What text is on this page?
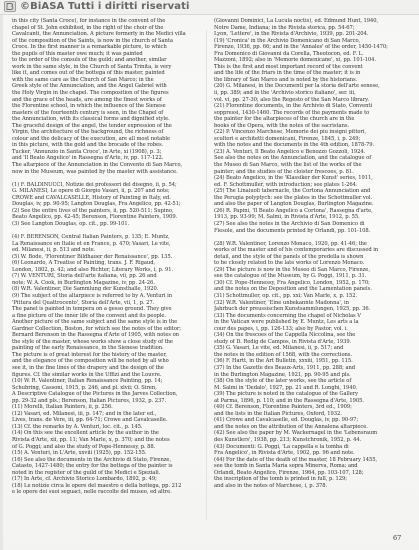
©BiASA Tutti i diritti riservati
in this city (Santa Croce), for instance in the convent of the
chapel of St. John exhibited, in the right of the choir of the
Cavalcanti, the Annunciation. A picture formerly in the Medici villa
of the composition of the Saints, is now in the church of Santa
Croce. In the first manner is a remarkable picture, to which
the pupils of this master owe much; it was painted
to the order of the consuls of the guild; and another, similar
work in the same style, in the Church of Santa Trinita, is very
like it, and comes out of the bottega of this master, painted
with the same care as the Church of San Marco; in the
Greek style of the Annunciation, and the Angel Gabriel with
the Holy Virgin in the chapel. The composition of the figures
and the grace of the heads, are among the finest works of
the Florentine school, in which the influence of the Sienese
masters of the fourteenth century is seen, in the Chapel of
the Annunciation, with its classical forms and dignified style.
The graceful design of the angel, the tender expression of the
Virgin, the architecture of the background, the richness of
colour and the delicacy of the execution, are all most notable
in this picture, with the gold and the brocade of the robes.
Tucker, 'Annunzio in Santa Croce', in Arte, xi (1908), p. 3;
and 'Il Beato Angelico' in Rassegna d'Arte, iv, pp. 117-122.
The altarpiece of the Annunciation in the Convento di San Marco,
now in the Museum, was painted by the master with assistance.
(1) F. BALDINUCCI, Notizie dei professori del disegno, ii, p. 54;
G. MILANESI, Le opere di Giorgio Vasari, ii, p. 207 and note;
CROWE and CAVALCASELLE, History of Painting in Italy, ed.
Douglas, iv, pp. 90-95; Langton Douglas, Fra Angelico, pp. 42-51;
(2) See the entire lives of the painters, ii, pp. 520-511; Supino,
Beato Angelico, pp. 42-45; Berenson, Florentine Painters, 1909.
(3) See Langton Douglas, op. cit., pp. 99-101.
(4) F. BERENSON, Central Italian Painters, p. 135; E. Muntz,
La Renaissance en Italie et en France, p. 470; Vasari, Le vite,
ed. Milanesi, ii, p. 513 and note.
(5) W. Bode, 'Florentiner Bildhauer der Renaissance', pp. 135.
(6) Leonardo, A Treatise of Painting, trans. J. F. Rigaud,
London, 1802, p. 42; and also Richter, Literary Works, i, p. 91.
(7) W. VENTURI, Storia dell'arte italiana, vii, pp. 26 and
note; W. A. Cook, in Burlington Magazine, iv, pp. 24-26.
(8) W.R. Valentiner, Die Sammlung der Kunsthalle, 1920.
(9) The subject of the altarpiece is referred to by A. Venturi in
'Pittura del Quattrocento', Storia dell'Arte, vii, 1, p. 27.
The panel is painted in tempera on a gesso ground. They give
a fine picture of the inner life of the convent and its people.
Another picture of the same subject and the same style is in the
Gardner Collection, Boston, for which see the notes of the editor;
Bernard Berenson in the Rassegna d'Arte of 1905, with notes on
the style of the master, whose works show a close study of the
painting of the early Renaissance, in the Sienese tradition.
The picture is of great interest for the history of the master,
and the elegance of the composition will be noted by all who
see it, in the fine lines of the drapery and the design of the
figures. Cf. the similar works in the Uffizi and the Louvre.
(10) W. R. Valentiner, Italian Renaissance Painting, pp. 14;
Schubring, Cassoni, 1915, p. 246, and pl. xlvii; O. Siren,
A Descriptive Catalogue of the Pictures in the Jarves Collection,
pp. 29-32 and pls.; Berenson, Italian Pictures, 1932, p. 237.
(11) Morelli, Italian Painters, ii, p. 256.
(12) Vasari, ed. Milanesi, iii, p. 147; and in the later ed.,
Lives, trans. de Vere, iii, pp. 64-71; Crowe and Cavalcaselle.
(13) Cf. the remarks by A. Venturi, loc. cit., p. 145.
(14) On this see the excellent article by the author in the
Rivista d'Arte, xii, pp. 11; Van Marle, x, p. 370; and the notes
of G. Poggi; and also the study of Pope-Hennessy, p. 88.
(15) A. Venturi, in L'Arte, xxviii (1925), pp. 152-155.
(16) See also the documents in the Archivio di Stato, Firenze,
Catasto, 1427-1480; the entry for the bottega of the painter is
noted in the register of the guild of the Medici e Speziali.
(17) In Arte, cf. Archivio Storico Lombardo, 1892, p. 49;
(18) Le notizie circa le opere del maestro e della bottega, pp. 212
e le opere dei suoi seguaci, nelle raccolte del museo, ed altre.
(Giovanni Dominici, La Lucula noctis), ed. Edmund Hunt, 1940,
Notre Dame, Indiana; in the Rivista storica, pp. 54-67;
Lyon, 'Lettere', in the Rivista d'Archivio, 1939, pp. 201-204.
(19) 'Cronica' in the Archivio Domenicano di San Marco,
Firenze, 1936, pp. 66; and in the 'Annales' of the order, 1450-1470;
Fra Domenico di Giovanni da Corella, Theotocon, ed. F. L.
Mazzoni, 1892; also in 'Memorie domenicane', xi, pp. 101-104.
This is the first and most important record of the convent
and the life of the friars in the time of the master; it is in
the library of San Marco and is noted by the historians.
(20) G. Milanesi, in the Documenti per la storia dell'arte senese,
ii, pp. 389; and in the 'Archivio storico italiano', ser. iii,
vol. vi, pp. 27-30; also the Regesto of the San Marco library.
(21) Florentine documents, in the Archivio di Stato, Conventi
soppressi, 1430-1460. The records of the payments made to
the painter for the altarpieces of the church are in the
books of the Opera, with the notes of the sacristans.
(22) P. Vincenzo Marchese, Memorie dei piu insigni pittori,
scultori e architetti domenicani, Firenze, 1845, i, p. 249;
with the notes and the documents in the 4th edition, 1878-79.
(23) A. Venturi, Il Beato Angelico e Benozzo Gozzoli, 1924.
See also the notes on the Annunciation, and the catalogue of
the Museo di San Marco, with the list of the works of the
painter; and the studies of the cloister frescoes, p. 81.
(24) Beato Angelico, in the 'Klassiker der Kunst' series, 1911,
ed. F. Schottmuller, with introduction; see plates 1-264.
(25) The Linaiuoli tabernacle, the Cortona Annunciation and
the Perugia polyptych: see the plates in the Schottmuller vol.
and also the paper of Langton Douglas, Burlington Magazine.
(26) R. Papini, 'Il Beato Angelico a Cortona', Rassegna d'arte,
1913, pp. 93-99; M. Salmi, in Rivista d'Arte, 1912, p. 55.
(27) See also the notes in the Archivio di San Domenico di
Fiesole, and the documents printed by Orlandi, pp. 101-108.
(28) W.R. Valentiner, Lorenzo Monaco, 1920, pp. 41-46; the
works of the master and of his contemporaries are discussed in
detail, and the style of the panels of the predella is shown
to be closely related to the late works of Lorenzo Monaco.
(29) The picture is now in the Museo di San Marco, Firenze,
see the catalogue of the Museum, by G. Poggi, 1911, p. 31.
(30) Cf. Pope-Hennessy, Fra Angelico, London, 1952, p. 170;
and the notes on the Deposition and the Lamentation panels.
(31) Schottmuller, op. cit., pp. xxi; Van Marle, x, p. 152.
(32) W.R. Valentiner, 'Eine unbekannte Madonna', in
Jahrbuch der preussischen Kunstsammlungen, 1925, pp. 36.
(33) The documents concerning the chapel of Nicholas V
in the Vatican were published by E. Muntz, Les arts a la
cour des papes, i, pp. 126-133; also by Pastor, vol. i.
(34) On the frescoes of the Cappella Niccolina, see the
study of D. Redig de Campos, in Rivista d'Arte, 1939.
(35) G. Vasari, Le vite, ed. Milanesi, ii, p. 517; and
the notes in the edition of 1568, with the corrections.
(36) F. Hartt, in the Art Bulletin, xxxiii, 1951, pp. 115.
(37) In the Gazette des Beaux-Arts, 1911, pp. 288; and
in the Burlington Magazine, 1921, pp. 90-95 and pls.
(38) On the style of the later works, see the article of
M. Salmi in 'Dedalo', 1927, pp. 21 and R. Longhi, 1940.
(39) The picture is noted in the catalogue of the Gallery
at Parma, 1896, p. 110; and in the Rassegna d'Arte, 1905.
(40) Cf. Berenson, Florentine Painters, 3rd ed., 1909;
and the lists in the Italian Pictures, Oxford, 1932.
(41) Crowe and Cavalcaselle, ed. Douglas, iv, pp. 90-97;
and the notes on the attribution of the Annalena altarpiece.
(42) See also the paper by M. Wackernagel in the 'Lebensraum
des Kunstlers', 1938, pp. 213; Kunstchronik, 1952, p. 44.
(43) Documenti: G. Poggi, 'La cappella e la tomba di
Fra Angelico', in Rivista d'Arte, 1902, pp. 96 and note.
(44) For the date of the death of the master, 18 February 1455,
see the tomb in Santa Maria sopra Minerva, Roma; and
Orlandi, Beato Angelico, Firenze, 1964, pp. 103-107, 128;
the inscription of the tomb is printed in full, p. 129;
and also in the notes of Marchese, i, p. 378.
67
